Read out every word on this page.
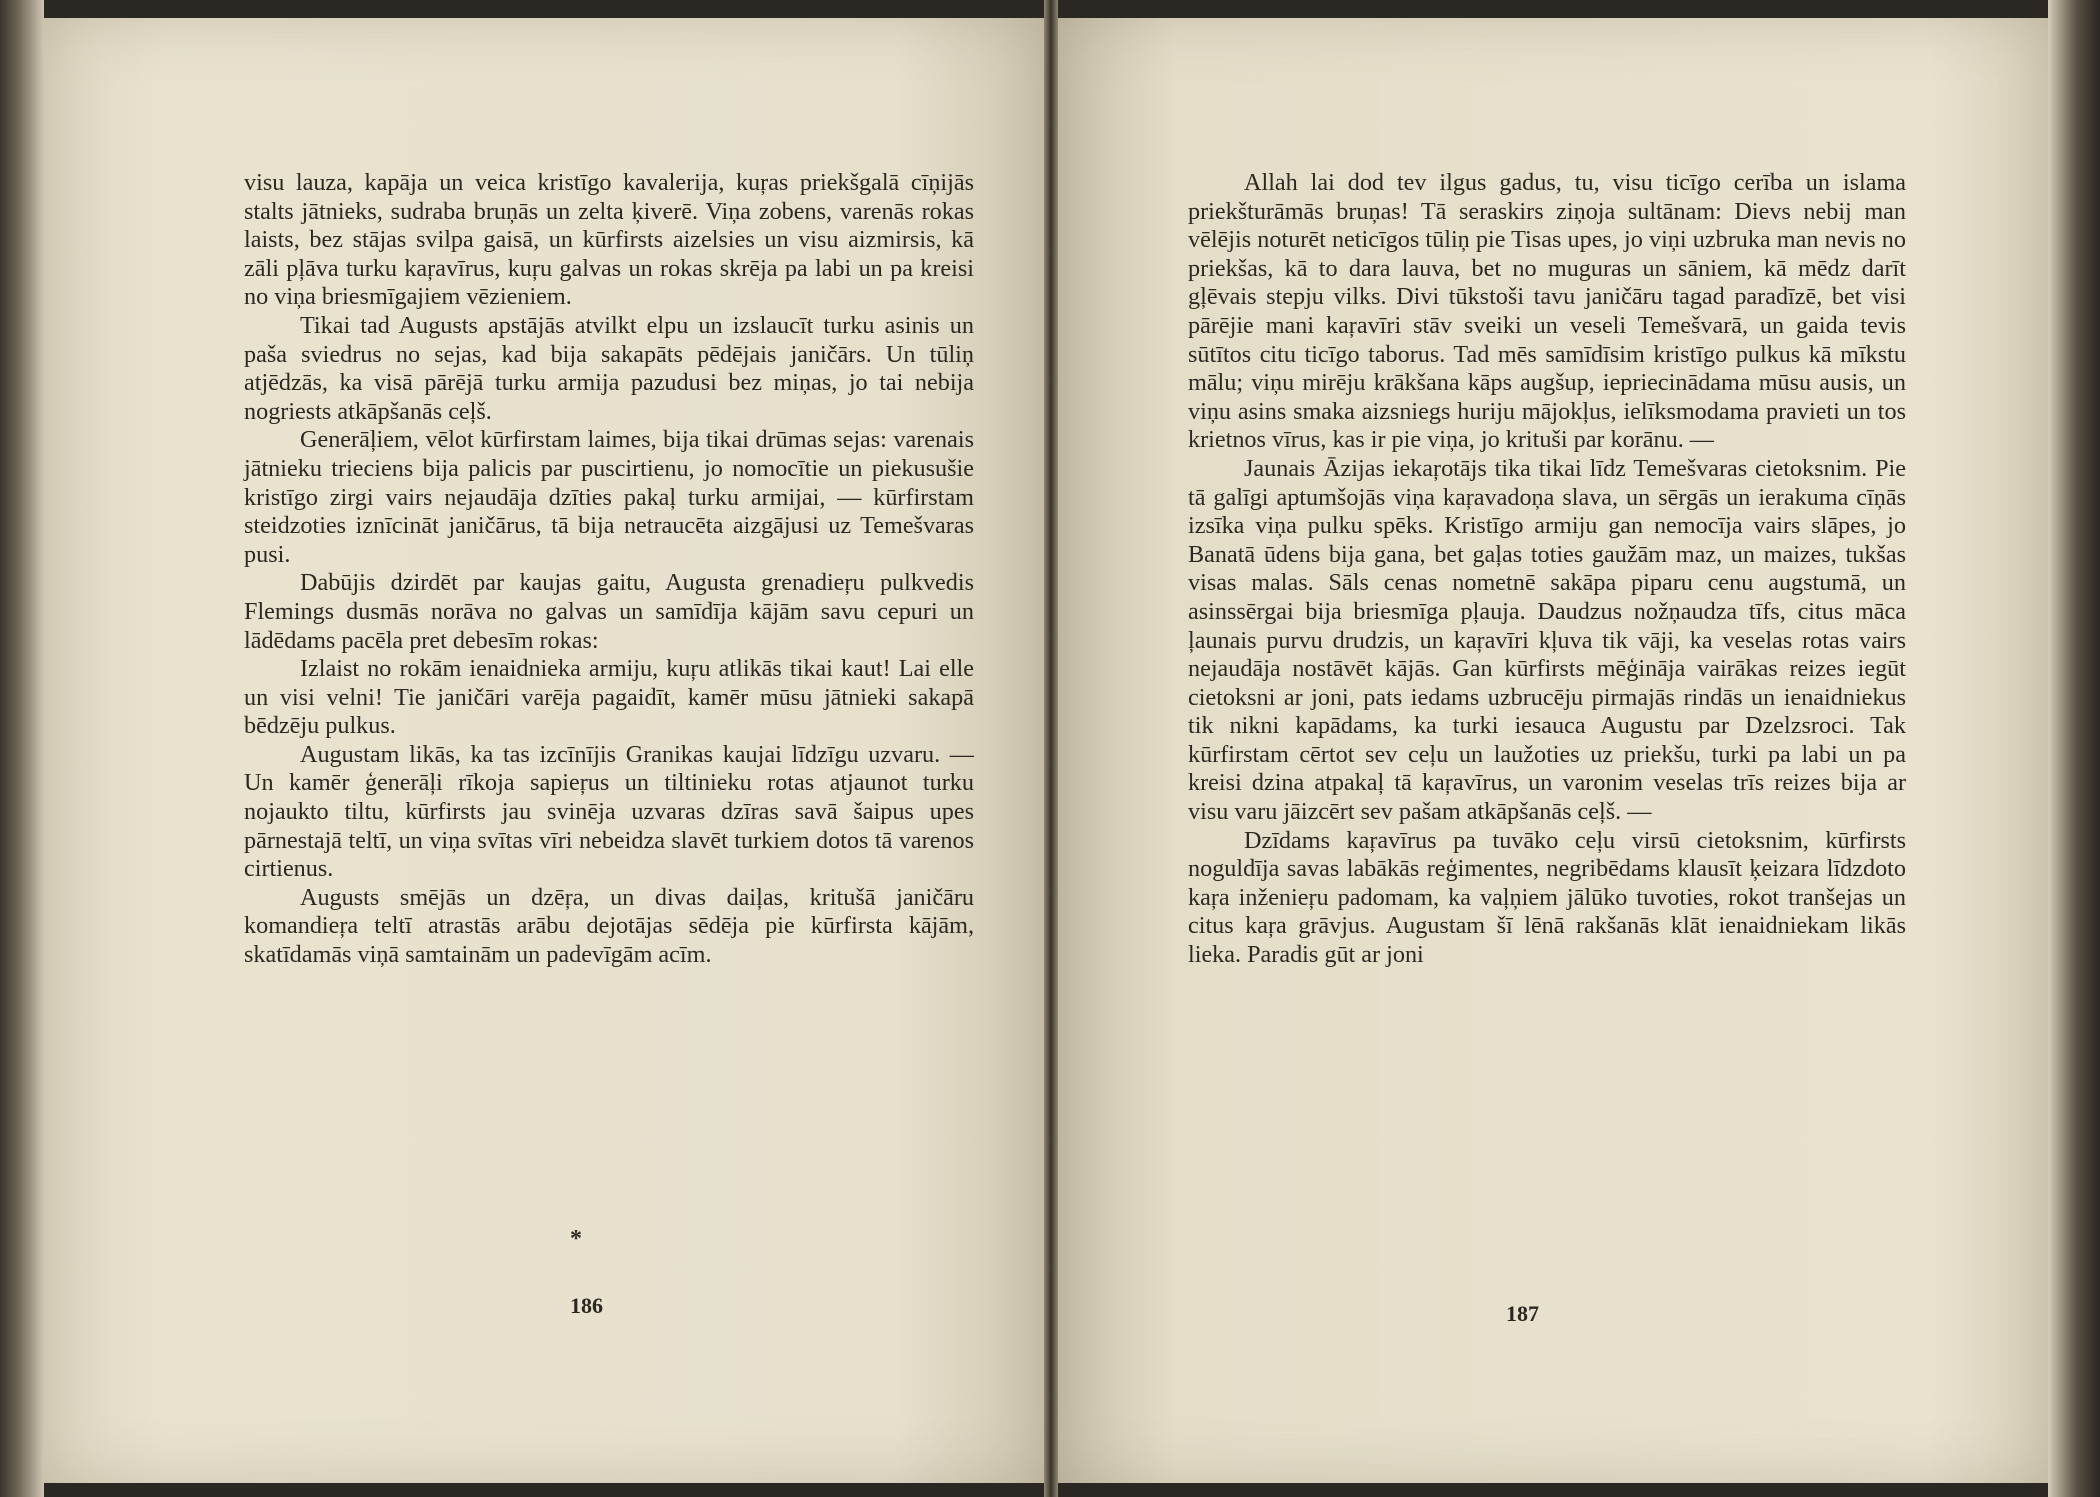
visu lauza, kapāja un veica kristīgo kavalerija, kuŗas priekšgalā cīņijās stalts jātnieks, sudraba bruņās un zelta ķiverē. Viņa zobens, varenās rokas laists, bez stājas svilpa gaisā, un kūrfirsts aizelsies un visu aizmirsis, kā zāli pļāva turku kaŗavīrus, kuŗu galvas un rokas skrēja pa labi un pa kreisi no viņa briesmīgajiem vēzieniem.

Tikai tad Augusts apstājās atvilkt elpu un izslaucīt turku asinis un paša sviedrus no sejas, kad bija sakapāts pēdējais janičārs. Un tūliņ atjēdzās, ka visā pārējā turku armija pazudusi bez miņas, jo tai nebija nogriests atkāpšanās ceļš.

Generāļiem, vēlot kūrfirstam laimes, bija tikai drūmas sejas: varenais jātnieku trieciens bija palicis par puscirtienu, jo nomocītie un piekusušie kristīgo zirgi vairs nejaudāja dzīties pakaļ turku armijai, — kūrfirstam steidzoties iznīcināt janičārus, tā bija netraucēta aizgājusi uz Temešvaras pusi.

Dabūjis dzirdēt par kaujas gaitu, Augusta grenadieŗu pulkvedis Flemings dusmās norāva no galvas un samīdīja kājām savu cepuri un lādēdams pacēla pret debesīm rokas:

Izlaist no rokām ienaidnieka armiju, kuŗu atlikās tikai kaut! Lai elle un visi velni! Tie janičāri varēja pagaidīt, kamēr mūsu jātnieki sakapā bēdzēju pulkus.

Augustam likās, ka tas izcīnījis Granikas kaujai līdzīgu uzvaru. — Un kamēr ģenerāļi rīkoja sapieŗus un tiltinieku rotas atjaunot turku nojaukto tiltu, kūrfirsts jau svinēja uzvaras dzīras savā šaipus upes pārnestajā teltī, un viņa svītas vīri nebeidza slavēt turkiem dotos tā varenos cirtienus.

Augusts smējās un dzēŗa, un divas daiļas, kritušā janičāru komandieŗa teltī atrastās arābu dejotājas sēdēja pie kūrfirsta kājām, skatīdamās viņā samtainām un padevīgām acīm.

*
186

Allah lai dod tev ilgus gadus, tu, visu ticīgo cerība un islama priekšturāmās bruņas! Tā seraskirs ziņoja sultānam: Dievs nebij man vēlējis noturēt neticīgos tūliņ pie Tisas upes, jo viņi uzbruka man nevis no priekšas, kā to dara lauva, bet no muguras un sāniem, kā mēdz darīt gļēvais stepju vilks. Divi tūkstoši tavu janičāru tagad paradīzē, bet visi pārējie mani kaŗavīri stāv sveiki un veseli Temešvarā, un gaida tevis sūtītos citu ticīgo taborus. Tad mēs samīdīsim kristīgo pulkus kā mīkstu mālu; viņu mirēju krākšana kāps augšup, iepriecinādama mūsu ausis, un viņu asins smaka aizsniegs huriju mājokļus, ielīksmodama pravieti un tos krietnos vīrus, kas ir pie viņa, jo krituši par korānu. —

Jaunais Āzijas iekaŗotājs tika tikai līdz Temešvaras cietoksnim. Pie tā galīgi aptumšojās viņa kaŗavadoņa slava, un sērgās un ierakuma cīņās izsīka viņa pulku spēks. Kristīgo armiju gan nemocīja vairs slāpes, jo Banatā ūdens bija gana, bet gaļas toties gaužām maz, un maizes, tukšas visas malas. Sāls cenas nometnē sakāpa piparu cenu augstumā, un asinssērgai bija briesmīga pļauja. Daudzus nožņaudza tīfs, citus māca ļaunais purvu drudzis, un kaŗavīri kļuva tik vāji, ka veselas rotas vairs nejaudāja nostāvēt kājās. Gan kūrfirsts mēģināja vairākas reizes iegūt cietoksni ar joni, pats iedams uzbrucēju pirmajās rindās un ienaidniekus tik nikni kapādams, ka turki iesauca Augustu par Dzelzsroci. Tak kūrfirstam cērtot sev ceļu un laužoties uz priekšu, turki pa labi un pa kreisi dzina atpakaļ tā kaŗavīrus, un varonim veselas trīs reizes bija ar visu varu jāizcērt sev pašam atkāpšanās ceļš. —

Dzīdams kaŗavīrus pa tuvāko ceļu virsū cietoksnim, kūrfirsts noguldīja savas labākās reģimentes, negribēdams klausīt ķeizara līdzdoto kaŗa inženieŗu padomam, ka vaļņiem jālūko tuvoties, rokot tranšejas un citus kaŗa grāvjus. Augustam šī lēnā rakšanās klāt ienaidniekam likās lieka. Paradis gūt ar joni

187
